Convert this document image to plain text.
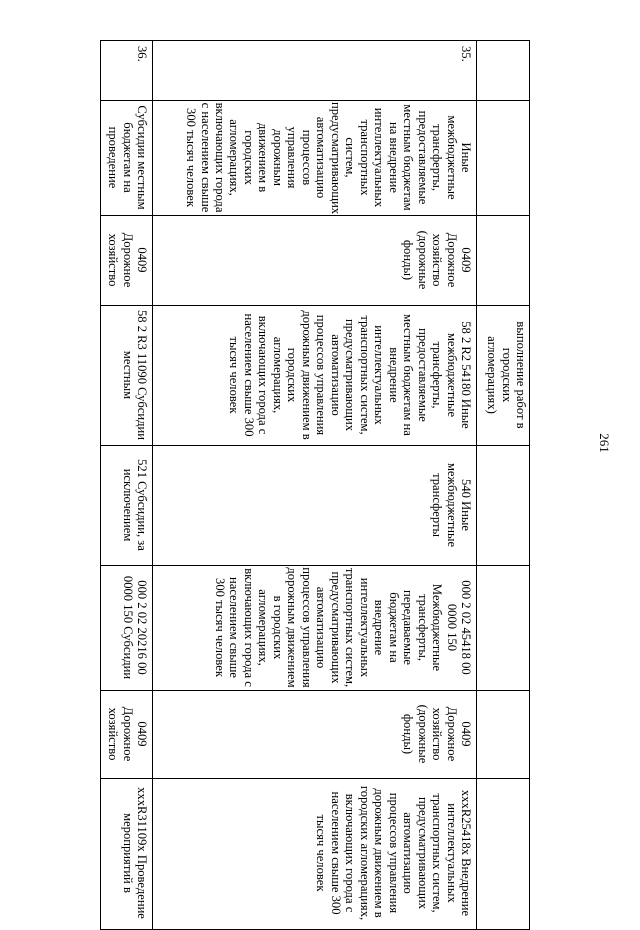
261
выполнение работ в городских агломерациях)
35.
Иные межбюджетные трансферты, предоставляемые местным бюджетам на внедрение интеллектуальных транспортных систем, предусматривающих автоматизацию процессов управления дорожным движением в городских агломерациях, включающих города с населением свыше 300 тысяч человек
0409 Дорожное хозяйство (дорожные фонды)
58 2 R2 54180 Иные межбюджетные трансферты, предоставляемые местным бюджетам на внедрение интеллектуальных транспортных систем, предусматривающих автоматизацию процессов управления дорожным движением в городских агломерациях, включающих города с населением свыше 300 тысяч человек
540 Иные межбюджетные трансферты
000 2 02 45418 00 0000 150 Межбюджетные трансферты, передаваемые бюджетам на внедрение интеллектуальных транспортных систем, предусматривающих автоматизацию процессов управления дорожным движением в городских агломерациях, включающих города с населением свыше 300 тысяч человек
0409 Дорожное хозяйство (дорожные фонды)
xxxR25418x Внедрение интеллектуальных транспортных систем, предусматривающих автоматизацию процессов управления дорожным движением в городских агломерациях, включающих города с населением свыше 300 тысяч человек
36.
Субсидии местным бюджетам на проведение
0409 Дорожное хозяйство
58 2 R3 11090 Субсидии местным
521 Субсидии, за исключением
000 2 02 20216 00 0000 150 Субсидии
0409 Дорожное хозяйство
xxxR31109x Проведение мероприятий в
